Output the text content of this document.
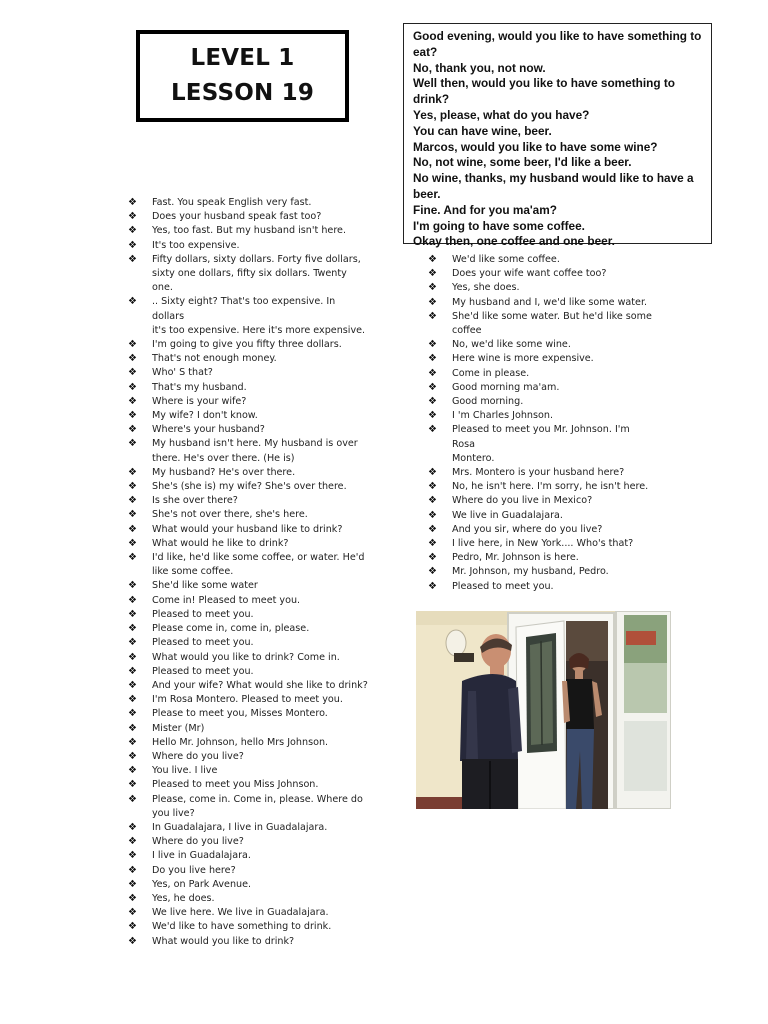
LEVEL 1
LESSON 19
Good evening, would you like to have something to
eat?
No, thank you, not now.
Well then, would you like to have something to drink?
Yes, please, what do you have?
You can have wine, beer.
Marcos, would you like to have some wine?
No, not wine, some beer, I'd like a beer.
No wine, thanks, my husband would like to have a
beer.
Fine. And for you ma'am?
I'm going to have some coffee.
Okay then, one coffee and one beer.
❖ Fast. You speak English very fast.
❖ Does your husband speak fast too?
❖ Yes, too fast. But my husband isn't here.
❖ It's too expensive.
❖ Fifty dollars, sixty dollars. Forty five dollars,
sixty one dollars, fifty six dollars. Twenty one.
❖ .. Sixty eight? That's too expensive. In dollars
it's too expensive. Here it's more expensive.
❖ I'm going to give you fifty three dollars.
❖ That's not enough money.
❖ Who' S that?
❖ That's my husband.
❖ Where is your wife?
❖ My wife? I don't know.
❖ Where's your husband?
❖ My husband isn't here. My husband is over
there. He's over there. (He is)
❖ My husband? He's over there.
❖ She's (she is) my wife? She's over there.
❖ Is she over there?
❖ She's not over there, she's here.
❖ What would your husband like to drink?
❖ What would he like to drink?
❖ I'd like, he'd like some coffee, or water. He'd
like some coffee.
❖ She'd like some water
❖ Come in! Pleased to meet you.
❖ Pleased to meet you.
❖ Please come in, come in, please.
❖ Pleased to meet you.
❖ What would you like to drink? Come in.
❖ Pleased to meet you.
❖ And your wife? What would she like to drink?
❖ I'm Rosa Montero. Pleased to meet you.
❖ Please to meet you, Misses Montero.
❖ Mister (Mr)
❖ Hello Mr. Johnson, hello Mrs Johnson.
❖ Where do you live?
❖ You live. I live
❖ Pleased to meet you Miss Johnson.
❖ Please, come in. Come in, please. Where do
you live?
❖ In Guadalajara, I live in Guadalajara.
❖ Where do you live?
❖ I live in Guadalajara.
❖ Do you live here?
❖ Yes, on Park Avenue.
❖ Yes, he does.
❖ We live here. We live in Guadalajara.
❖ We'd like to have something to drink.
❖ What would you like to drink?
❖ We'd like some coffee.
❖ Does your wife want coffee too?
❖ Yes, she does.
❖ My husband and I, we'd like some water.
❖ She'd like some water. But he'd like some
coffee
❖ No, we'd like some wine.
❖ Here wine is more expensive.
❖ Come in please.
❖ Good morning ma'am.
❖ Good morning.
❖ I 'm Charles Johnson.
❖ Pleased to meet you Mr. Johnson. I'm Rosa
Montero.
❖ Mrs. Montero is your husband here?
❖ No, he isn't here. I'm sorry, he isn't here.
❖ Where do you live in Mexico?
❖ We live in Guadalajara.
❖ And you sir, where do you live?
❖ I live here, in New York.... Who's that?
❖ Pedro, Mr. Johnson is here.
❖ Mr. Johnson, my husband, Pedro.
❖ Pleased to meet you.
